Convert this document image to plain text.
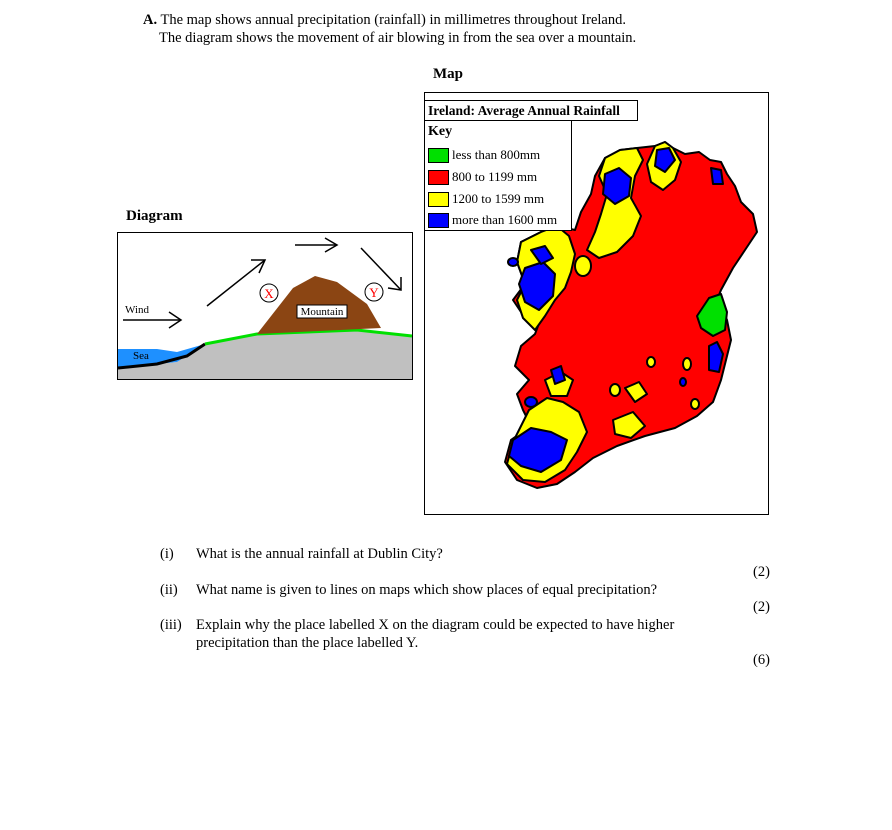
A. The map shows annual precipitation (rainfall) in millimetres throughout Ireland.
The diagram shows the movement of air blowing in from the sea over a mountain.
Map
Ireland: Average Annual Rainfall
Key
less than 800mm
800 to 1199 mm
1200 to 1599 mm
more than 1600 mm
Diagram
Mountain
Wind
Sea
X	Y
(i) What is the annual rainfall at Dublin City?
(2)
(ii) What name is given to lines on maps which show places of equal precipitation?
(2)
(iii) Explain why the place labelled X on the diagram could be expected to have higher
precipitation than the place labelled Y.
(6)
